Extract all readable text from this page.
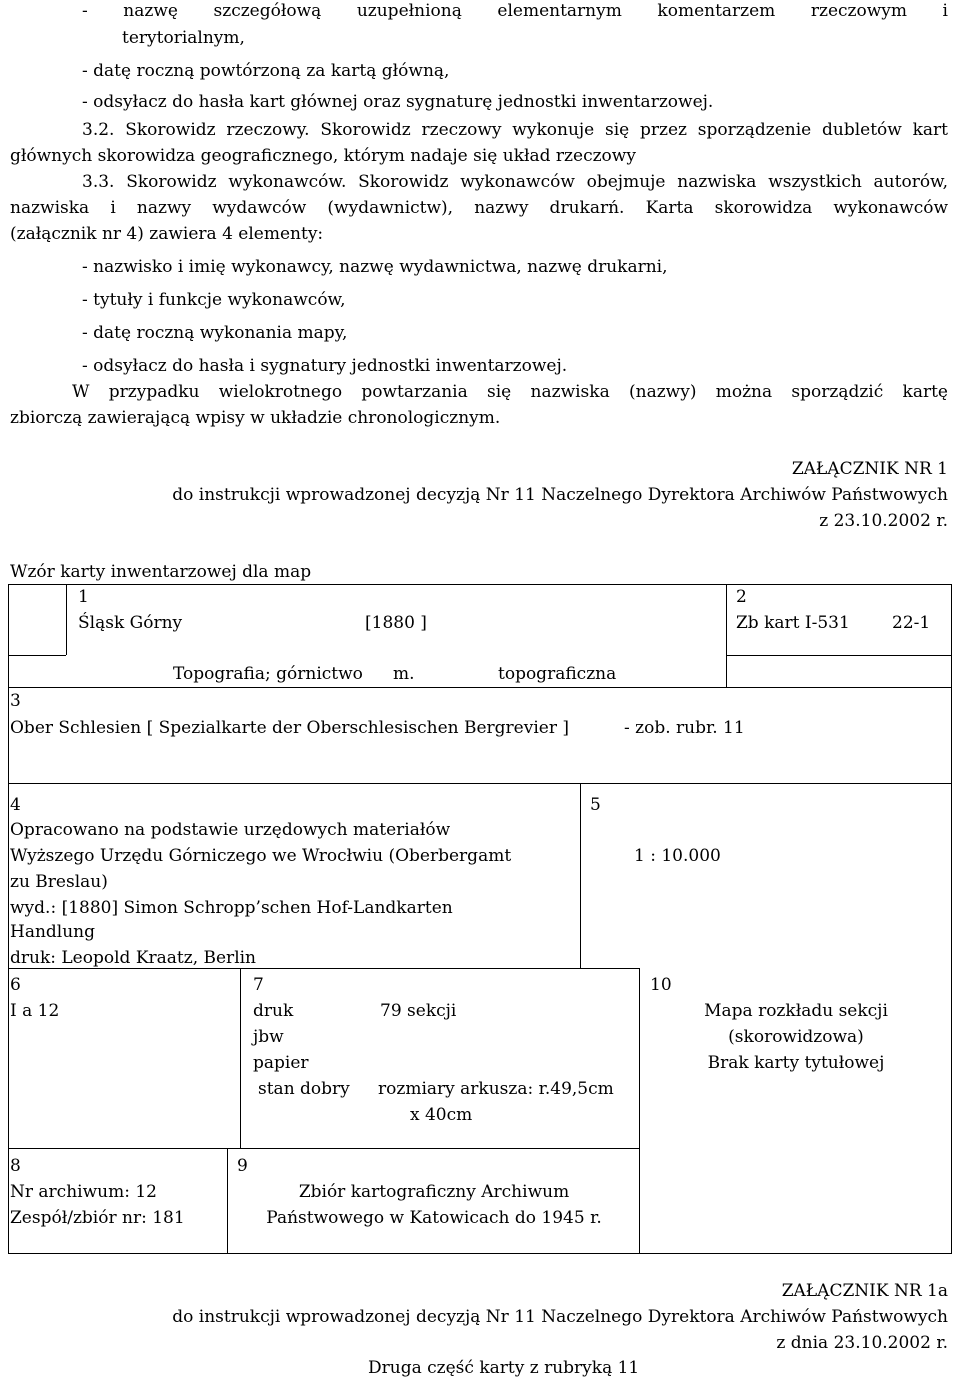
- nazwę szczegółową uzupełnioną elementarnym komentarzem rzeczowym i
terytorialnym,
- datę roczną powtórzoną za kartą główną,
- odsyłacz do hasła kart głównej oraz sygnaturę jednostki inwentarzowej.
3.2. Skorowidz rzeczowy. Skorowidz rzeczowy wykonuje się przez sporządzenie dubletów kart
głównych skorowidza geograficznego, którym nadaje się układ rzeczowy
3.3. Skorowidz wykonawców. Skorowidz wykonawców obejmuje nazwiska wszystkich autorów,
nazwiska i nazwy wydawców (wydawnictw), nazwy drukarń. Karta skorowidza wykonawców
(załącznik nr 4) zawiera 4 elementy:
- nazwisko i imię wykonawcy, nazwę wydawnictwa, nazwę drukarni,
- tytuły i funkcje wykonawców,
- datę roczną wykonania mapy,
- odsyłacz do hasła i sygnatury jednostki inwentarzowej.
W przypadku wielokrotnego powtarzania się nazwiska (nazwy) można sporządzić kartę
zbiorczą zawierającą wpisy w układzie chronologicznym.
ZAŁĄCZNIK NR 1
do instrukcji wprowadzonej decyzją Nr 11 Naczelnego Dyrektora Archiwów Państwowych
z 23.10.2002 r.
Wzór karty inwentarzowej dla map
1
Śląsk Górny	[1880 ]
2
Zb kart I-531 22-1
Topografia; górnictwo m.	topograficzna
3
Ober Schlesien [ Spezialkarte der Oberschlesischen Bergrevier ]	- zob. rubr. 11
4
Opracowano na podstawie urzędowych materiałów
Wyższego Urzędu Górniczego we Wrocłwiu (Oberbergamt
zu Breslau)
wyd.: [1880] Simon Schropp’schen Hof-Landkarten
Handlung
druk: Leopold Kraatz, Berlin
5
1 : 10.000
6
I a 12
7
druk
jbw
papier
stan dobry
79 sekcji
rozmiary arkusza: r.49,5cm
x 40cm
10
Mapa rozkładu sekcji
(skorowidzowa)
Brak karty tytułowej
8
Nr archiwum: 12
Zespół/zbiór nr: 181
9
Zbiór kartograficzny Archiwum
Państwowego w Katowicach do 1945 r.
ZAŁĄCZNIK NR 1a
do instrukcji wprowadzonej decyzją Nr 11 Naczelnego Dyrektora Archiwów Państwowych
z dnia 23.10.2002 r.
Druga część karty z rubryką 11
